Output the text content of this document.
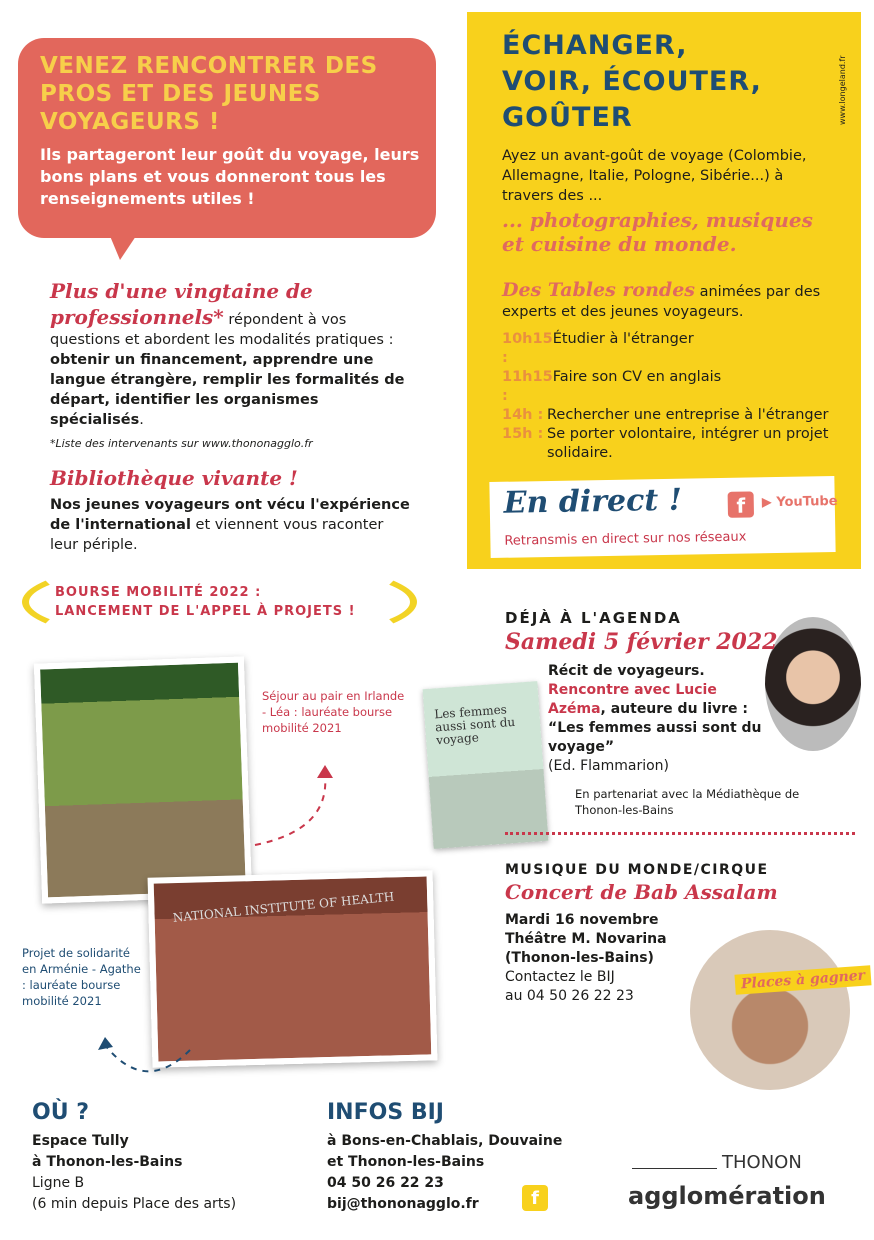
VENEZ RENCONTRER DES PROS ET DES JEUNES VOYAGEURS !
Ils partageront leur goût du voyage, leurs bons plans et vous donneront tous les renseignements utiles !
ÉCHANGER,
VOIR, ÉCOUTER,
GOÛTER
Ayez un avant-goût de voyage (Colombie, Allemagne, Italie, Pologne, Sibérie...) à travers des ...
... photographies, musiques et cuisine du monde.
Des Tables rondes animées par des experts et des jeunes voyageurs.
10h15 :
Étudier à l'étranger
11h15 :
Faire son CV en anglais
14h : Rechercher une entreprise à l'étranger
15h : Se porter volontaire, intégrer un projet solidaire.
En direct !	f	▶ YouTube
Retransmis en direct sur nos réseaux
www.longeland.fr
Plus d'une vingtaine de professionnels* répondent à vos questions et abordent les modalités pratiques : obtenir un financement, apprendre une langue étrangère, remplir les formalités de départ, identifier les organismes spécialisés.
*Liste des intervenants sur www.thononagglo.fr
Bibliothèque vivante !
Nos jeunes voyageurs ont vécu l'expérience de l'international et viennent vous raconter leur périple.
BOURSE MOBILITÉ 2022 :
LANCEMENT DE L'APPEL À PROJETS !
NATIONAL INSTITUTE OF HEALTH
Séjour au pair en Irlande - Léa : lauréate bourse mobilité 2021
Projet de solidarité en Arménie - Agathe : lauréate bourse mobilité 2021
Les femmes aussi sont du voyage
DÉJÀ À L'AGENDA
Samedi 5 février 2022
Récit de voyageurs.
Rencontre avec Lucie Azéma, auteure du livre : “Les femmes aussi sont du voyage”
(Ed. Flammarion)
En partenariat avec la Médiathèque de Thonon-les-Bains
MUSIQUE DU MONDE/CIRQUE
Concert de Bab Assalam
Mardi 16 novembre
Théâtre M. Novarina
(Thonon-les-Bains)
Contactez le BIJ
au 04 50 26 22 23
Places à gagner
OÙ ?
Espace Tully
à Thonon-les-Bains
Ligne B
(6 min depuis Place des arts)
INFOS BIJ
à Bons-en-Chablais, Douvaine
et Thonon-les-Bains
04 50 26 22 23
bij@thononagglo.fr	f
THONON
agglomération
